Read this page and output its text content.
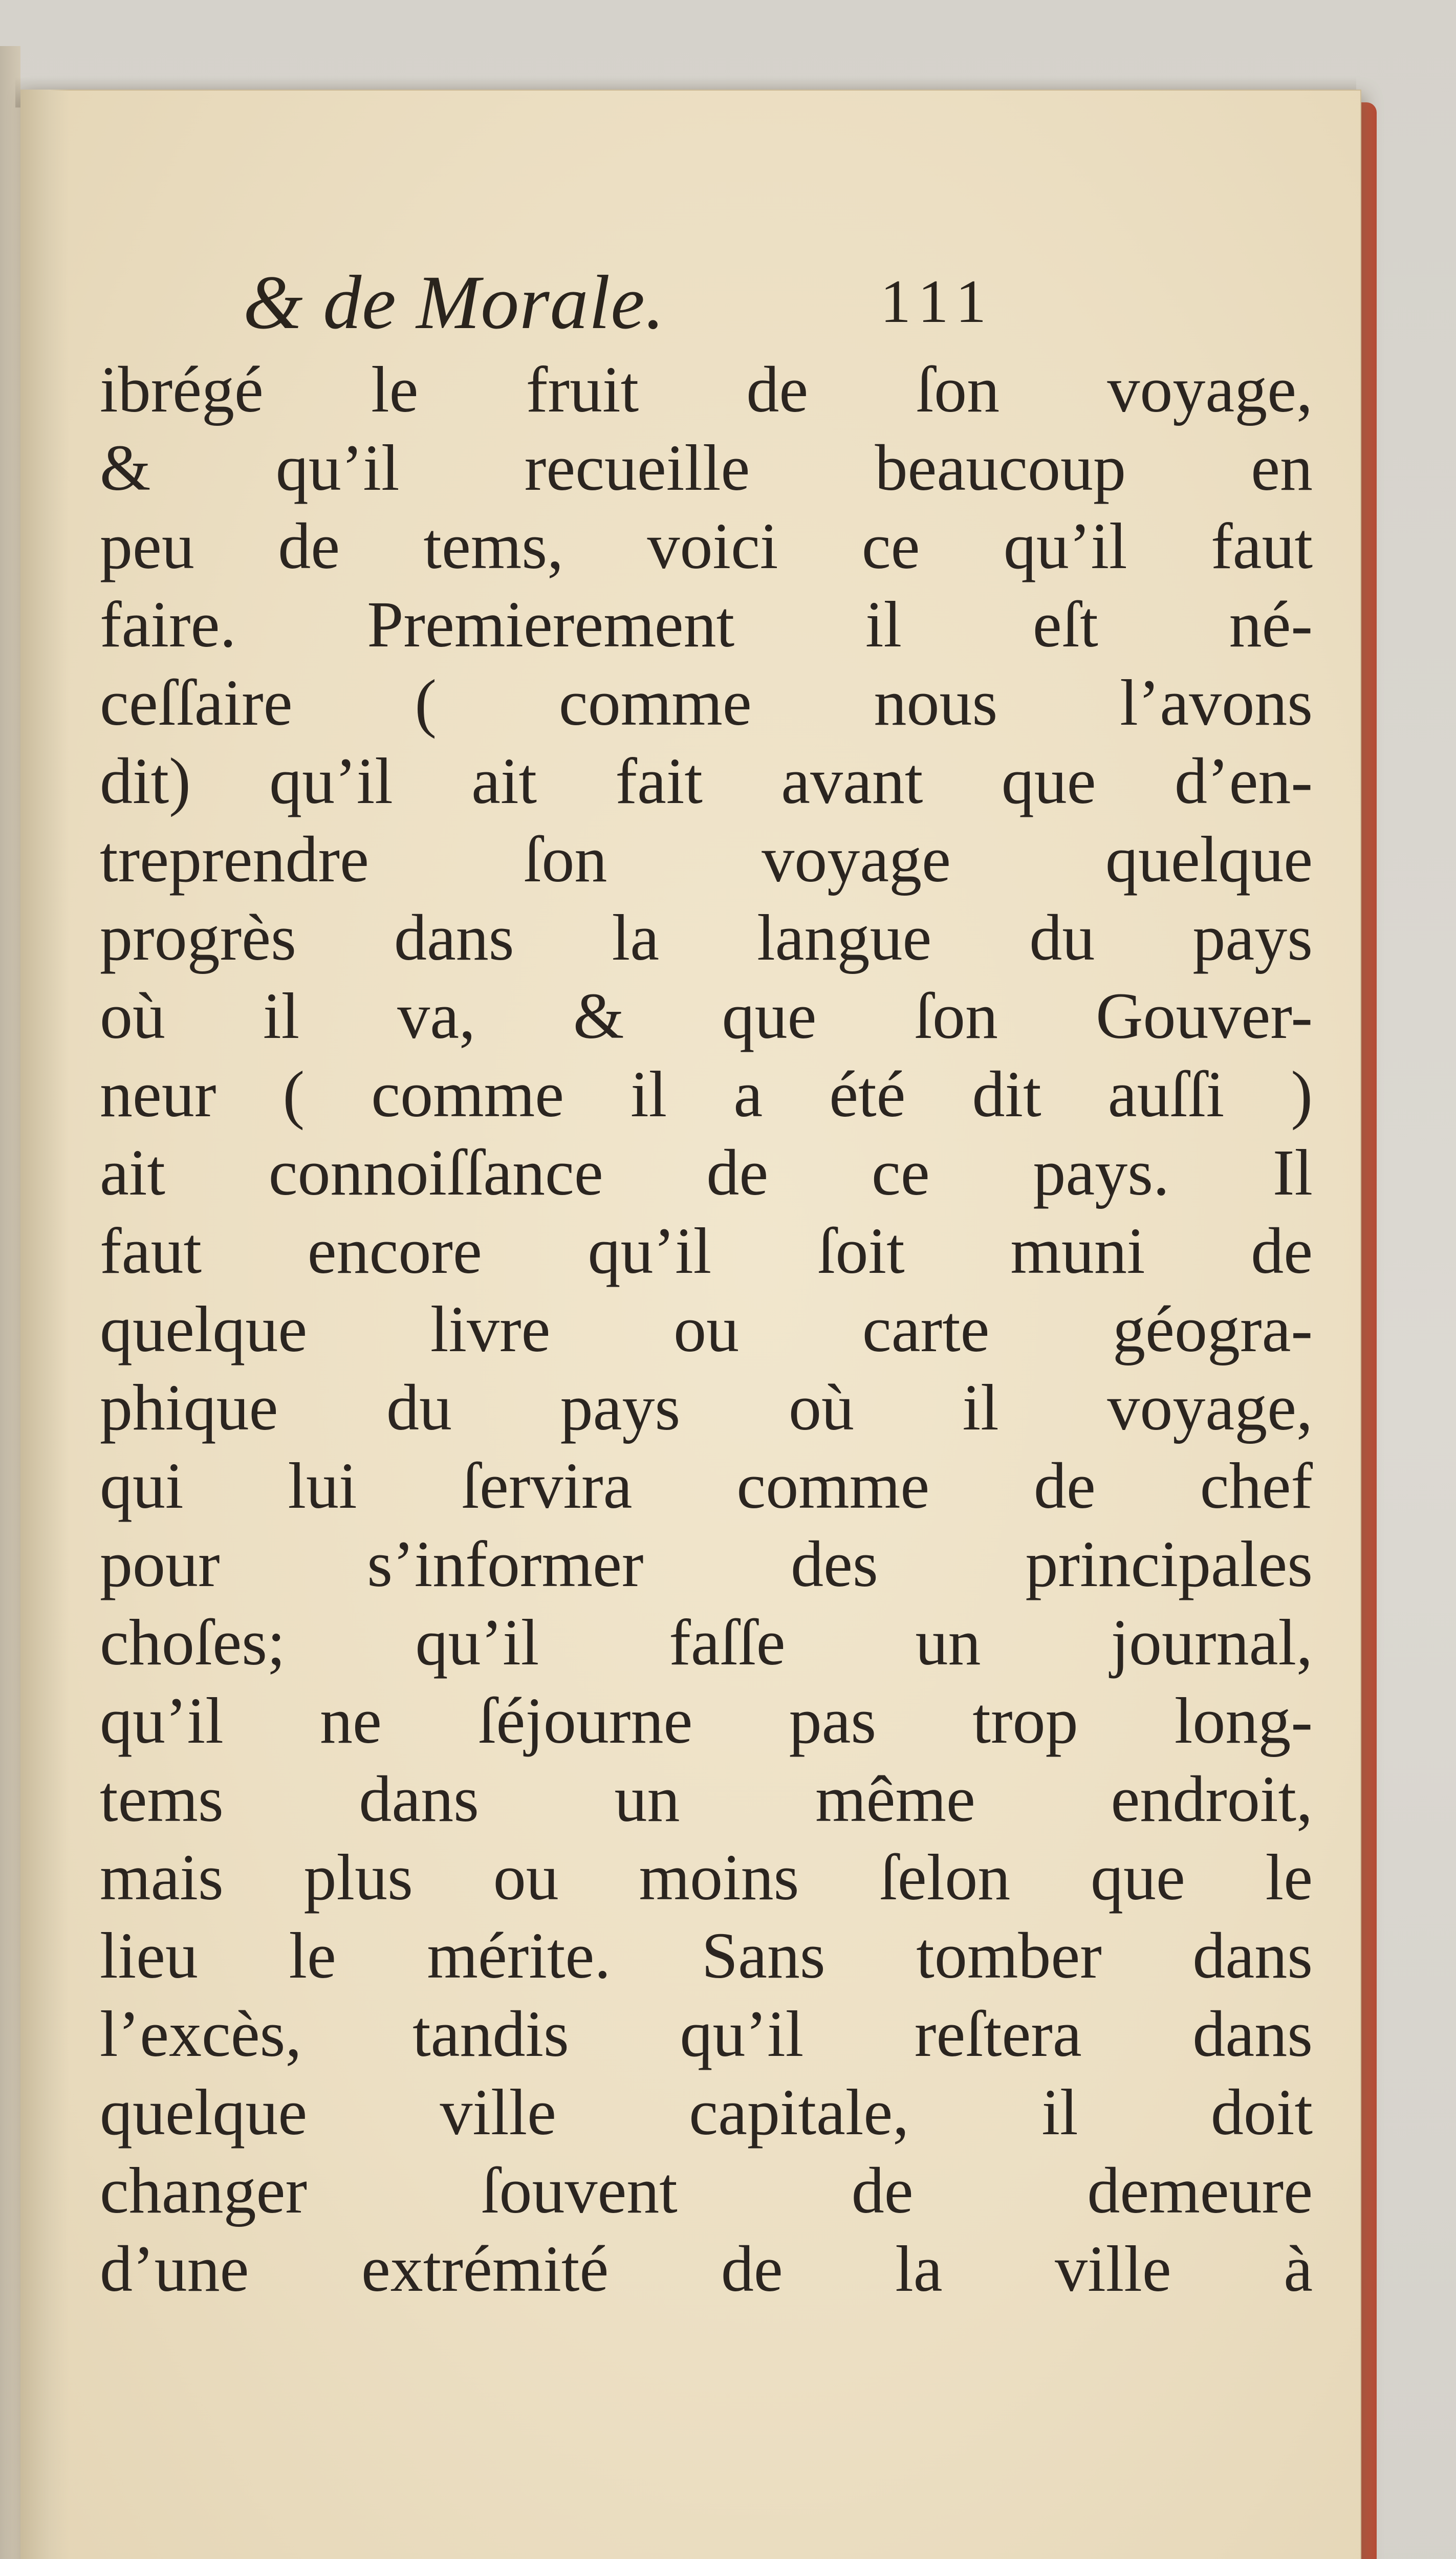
& de Morale.	111
ibrégé le fruit de ſon voyage,
& qu’il recueille beaucoup en
peu de tems, voici ce qu’il faut
faire. Premierement il eſt né-
ceſſaire ( comme nous l’avons
dit) qu’il ait fait avant que d’en-
treprendre ſon voyage quelque
progrès dans la langue du pays
où il va, & que ſon Gouver-
neur ( comme il a été dit auſſi )
ait connoiſſance de ce pays. Il
faut encore qu’il ſoit muni de
quelque livre ou carte géogra-
phique du pays où il voyage,
qui lui ſervira comme de chef
pour s’informer des principales
choſes; qu’il faſſe un journal,
qu’il ne ſéjourne pas trop long-
tems dans un même endroit,
mais plus ou moins ſelon que le
lieu le mérite. Sans tomber dans
l’excès, tandis qu’il reſtera dans
quelque ville capitale, il doit
changer ſouvent de demeure
d’une extrémité de la ville à
